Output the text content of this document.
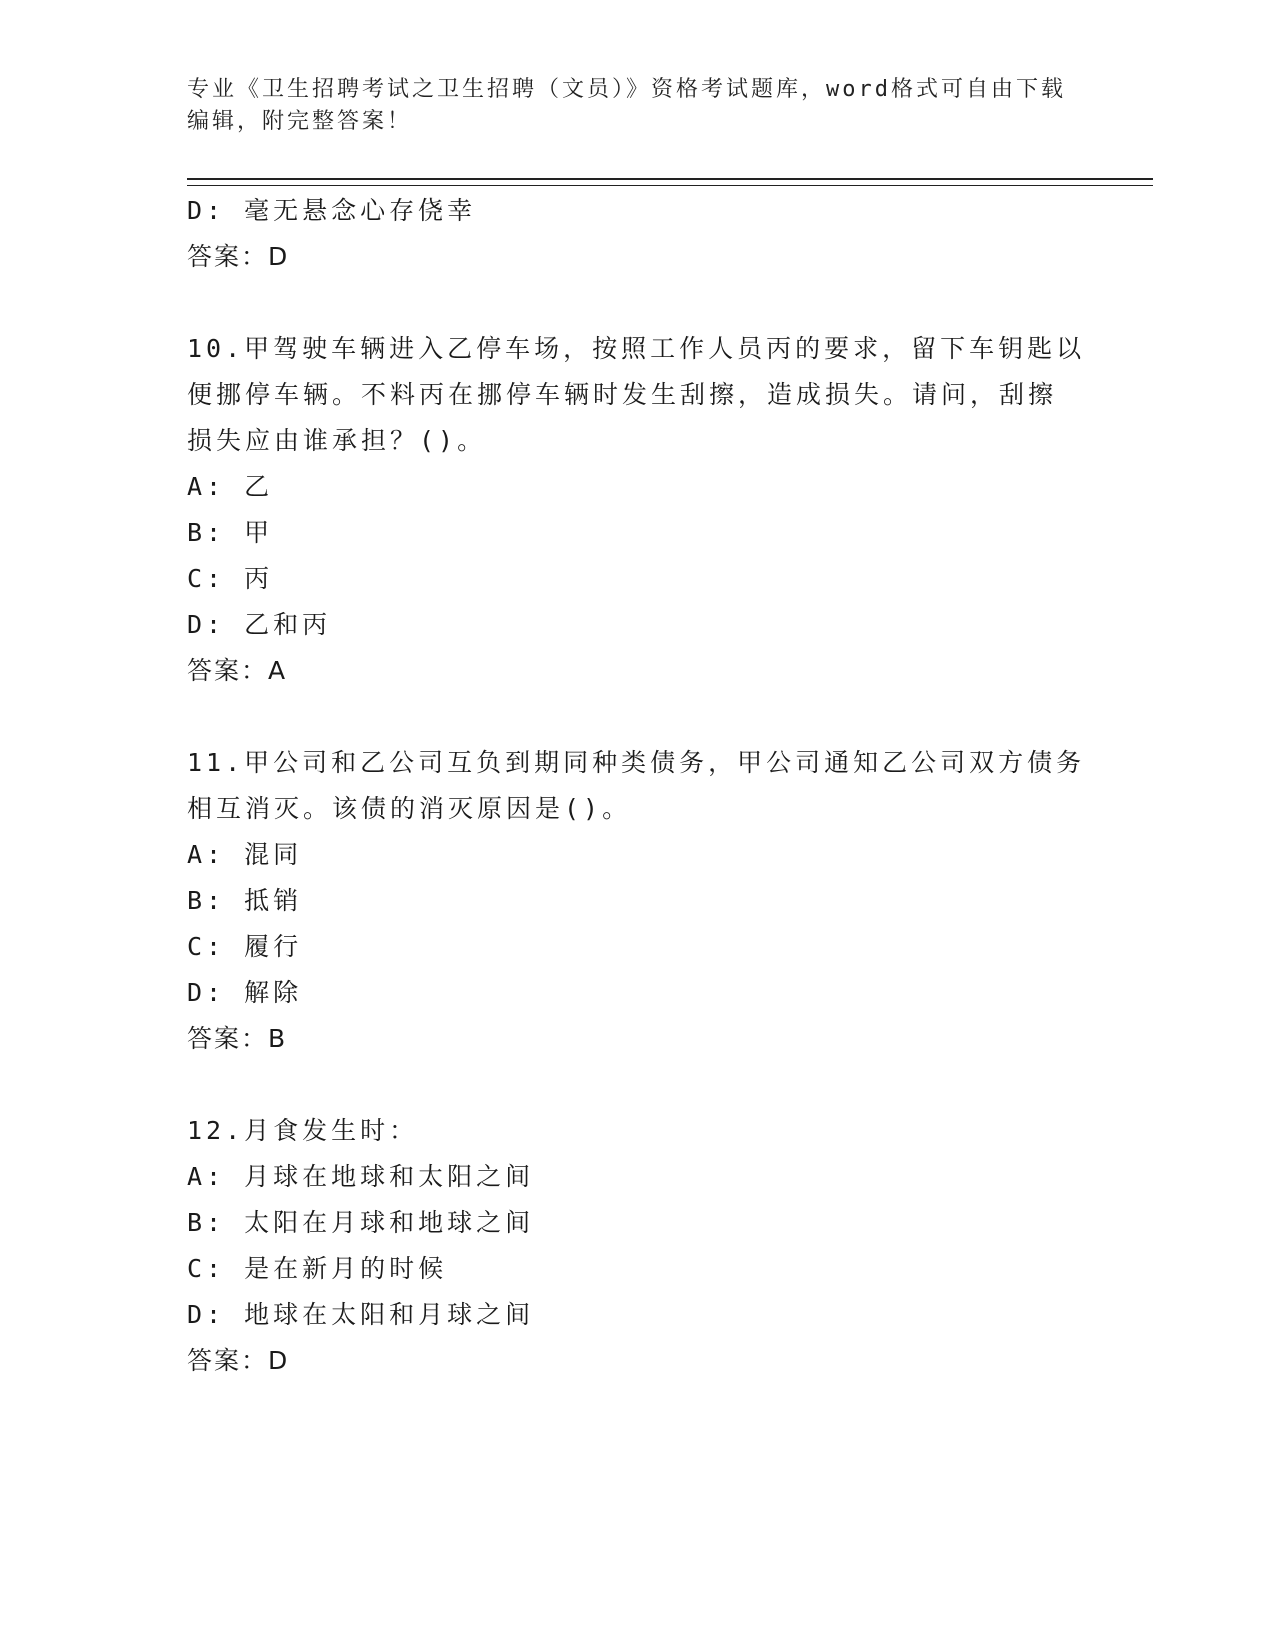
专业《卫生招聘考试之卫生招聘（文员）》资格考试题库，word格式可自由下载
编辑，附完整答案！
D: 毫无悬念心存侥幸
答案：D
10.甲驾驶车辆进入乙停车场，按照工作人员丙的要求，留下车钥匙以
便挪停车辆。不料丙在挪停车辆时发生刮擦，造成损失。请问，刮擦
损失应由谁承担？()。
A: 乙
B: 甲
C: 丙
D: 乙和丙
答案：A
11.甲公司和乙公司互负到期同种类债务，甲公司通知乙公司双方债务
相互消灭。该债的消灭原因是()。
A: 混同
B: 抵销
C: 履行
D: 解除
答案：B
12.月食发生时：
A: 月球在地球和太阳之间
B: 太阳在月球和地球之间
C: 是在新月的时候
D: 地球在太阳和月球之间
答案：D
